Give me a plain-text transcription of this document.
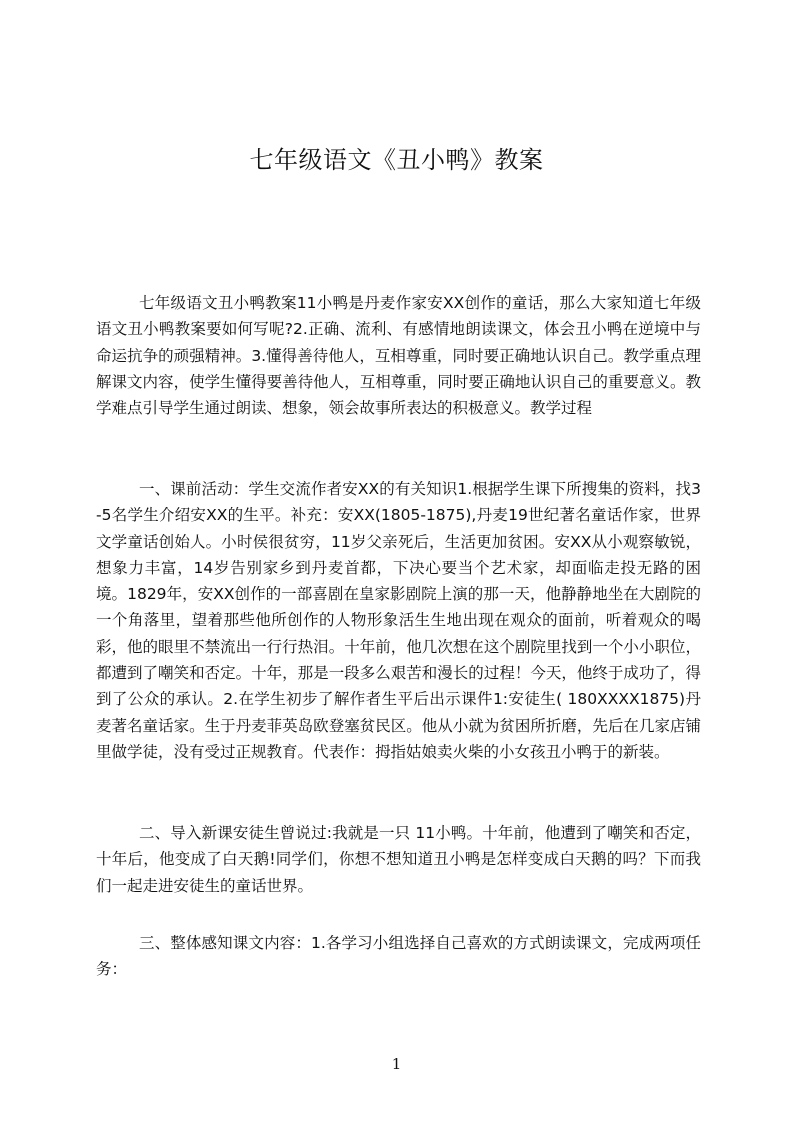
七年级语文《丑小鸭》教案

七年级语文丑小鸭教案11小鸭是丹麦作家安XX创作的童话，那么大家知道七年级语文丑小鸭教案要如何写呢?2.正确、流利、有感情地朗读课文，体会丑小鸭在逆境中与命运抗争的顽强精神。3.懂得善待他人，互相尊重，同时要正确地认识自己。教学重点理解课文内容，使学生懂得要善待他人，互相尊重，同时要正确地认识自己的重要意义。教学难点引导学生通过朗读、想象，领会故事所表达的积极意义。教学过程

一、课前活动：学生交流作者安XX的有关知识1.根据学生课下所搜集的资料，找3-5名学生介绍安XX的生平。补充：安XX(1805-1875),丹麦19世纪著名童话作家，世界文学童话创始人。小时侯很贫穷，11岁父亲死后，生活更加贫困。安XX从小观察敏锐，想象力丰富，14岁告别家乡到丹麦首都，下决心要当个艺术家，却面临走投无路的困境。1829年，安XX创作的一部喜剧在皇家影剧院上演的那一天，他静静地坐在大剧院的一个角落里，望着那些他所创作的人物形象活生生地出现在观众的面前，听着观众的喝彩，他的眼里不禁流出一行行热泪。十年前，他几次想在这个剧院里找到一个小小职位，都遭到了嘲笑和否定。十年，那是一段多么艰苦和漫长的过程！今天，他终于成功了，得到了公众的承认。2.在学生初步了解作者生平后出示课件1:安徒生( 180XXXX1875)丹麦著名童话家。生于丹麦菲英岛欧登塞贫民区。他从小就为贫困所折磨，先后在几家店铺里做学徒，没有受过正规教育。代表作：拇指姑娘卖火柴的小女孩丑小鸭于的新装。

二、导入新课安徒生曾说过:我就是一只 11小鸭。十年前，他遭到了嘲笑和否定，十年后，他变成了白天鹅!同学们，你想不想知道丑小鸭是怎样变成白天鹅的吗？下而我们一起走进安徒生的童话世界。

三、整体感知课文内容：1.各学习小组选择自己喜欢的方式朗读课文，完成两项任务：

1
